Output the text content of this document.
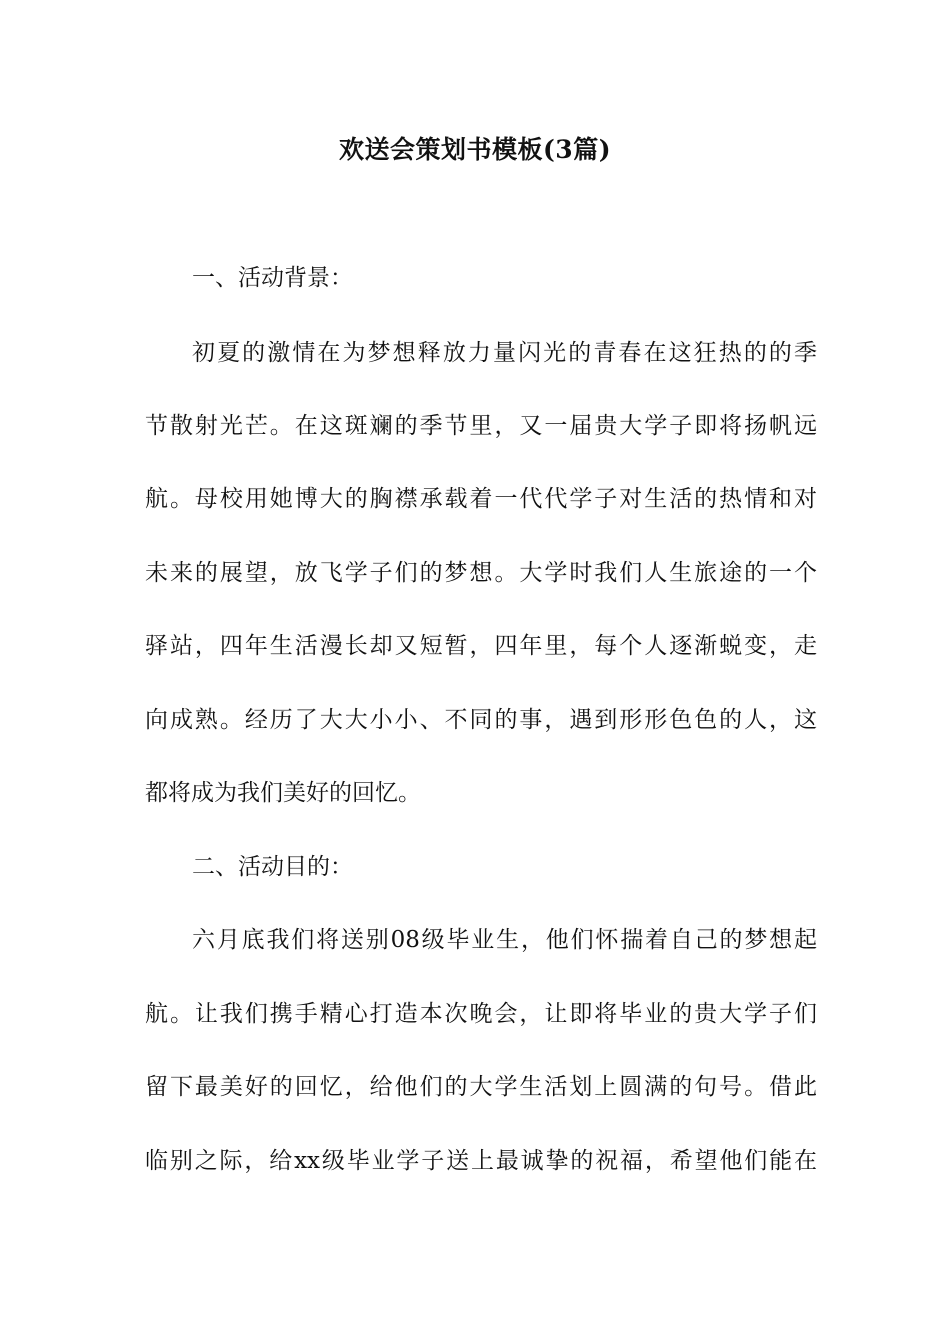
欢送会策划书模板(3篇)
一、活动背景：
初夏的激情在为梦想释放力量闪光的青春在这狂热的的季
节散射光芒。在这斑斓的季节里，又一届贵大学子即将扬帆远
航。母校用她博大的胸襟承载着一代代学子对生活的热情和对
未来的展望，放飞学子们的梦想。大学时我们人生旅途的一个
驿站，四年生活漫长却又短暂，四年里，每个人逐渐蜕变，走
向成熟。经历了大大小小、不同的事，遇到形形色色的人，这
都将成为我们美好的回忆。
二、活动目的：
六月底我们将送别08级毕业生，他们怀揣着自己的梦想起
航。让我们携手精心打造本次晚会，让即将毕业的贵大学子们
留下最美好的回忆，给他们的大学生活划上圆满的句号。借此
临别之际，给xx级毕业学子送上最诚挚的祝福，希望他们能在
